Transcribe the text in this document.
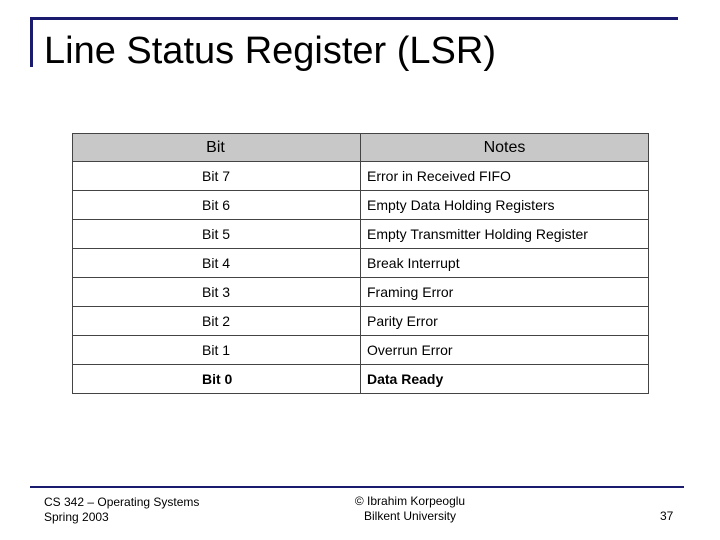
Line Status Register (LSR)
Bit	Notes
Bit 7	Error in Received FIFO
Bit 6	Empty Data Holding Registers
Bit 5	Empty Transmitter Holding Register
Bit 4	Break Interrupt
Bit 3	Framing Error
Bit 2	Parity Error
Bit 1	Overrun Error
Bit 0	Data Ready
CS 342 – Operating Systems
Spring 2003
© Ibrahim Korpeoglu
Bilkent University	37
